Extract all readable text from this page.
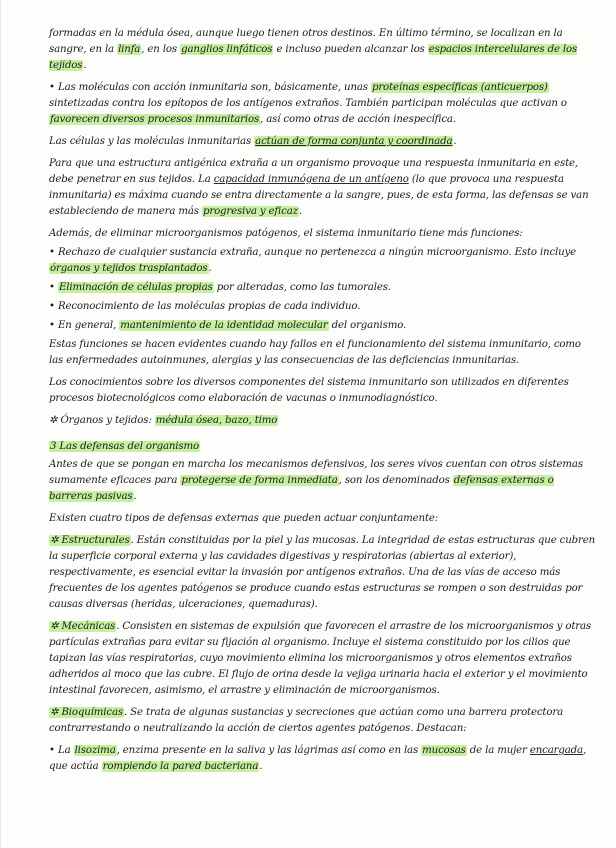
formadas en la médula ósea, aunque luego tienen otros destinos. En último término, se localizan en la sangre, en la linfa, en los ganglios linfáticos e incluso pueden alcanzar los espacios intercelulares de los tejidos.

• Las moléculas con acción inmunitaria son, básicamente, unas proteínas específicas (anticuerpos) sintetizadas contra los epítopos de los antígenos extraños. También participan moléculas que activan o favorecen diversos procesos inmunitarios, así como otras de acción inespecífica.

Las células y las moléculas inmunitarias actúan de forma conjunta y coordinada.

Para que una estructura antigénica extraña a un organismo provoque una respuesta inmunitaria en este, debe penetrar en sus tejidos. La capacidad inmunógena de un antígeno (lo que provoca una respuesta inmunitaria) es máxima cuando se entra directamente a la sangre, pues, de esta forma, las defensas se van estableciendo de manera más progresiva y eficaz.

Además, de eliminar microorganismos patógenos, el sistema inmunitario tiene más funciones:

• Rechazo de cualquier sustancia extraña, aunque no pertenezca a ningún microorganismo. Esto incluye órganos y tejidos trasplantados.

• Eliminación de células propias por alteradas, como las tumorales.

• Reconocimiento de las moléculas propias de cada individuo.

• En general, mantenimiento de la identidad molecular del organismo.

Estas funciones se hacen evidentes cuando hay fallos en el funcionamiento del sistema inmunitario, como las enfermedades autoinmunes, alergias y las consecuencias de las deficiencias inmunitarias.

Los conocimientos sobre los diversos componentes del sistema inmunitario son utilizados en diferentes procesos biotecnológicos como elaboración de vacunas o inmunodiagnóstico.

✲ Órganos y tejidos: médula ósea, bazo, timo

3 Las defensas del organismo

Antes de que se pongan en marcha los mecanismos defensivos, los seres vivos cuentan con otros sistemas sumamente eficaces para protegerse de forma inmediata, son los denominados defensas externas o barreras pasivas.

Existen cuatro tipos de defensas externas que pueden actuar conjuntamente:

✲ Estructurales. Están constituidas por la piel y las mucosas. La integridad de estas estructuras que cubren la superficie corporal externa y las cavidades digestivas y respiratorias (abiertas al exterior), respectivamente, es esencial evitar la invasión por antígenos extraños. Una de las vías de acceso más frecuentes de los agentes patógenos se produce cuando estas estructuras se rompen o son destruidas por causas diversas (heridas, ulceraciones, quemaduras).

✲ Mecánicas. Consisten en sistemas de expulsión que favorecen el arrastre de los microorganismos y otras partículas extrañas para evitar su fijación al organismo. Incluye el sistema constituido por los cilios que tapizan las vías respiratorias, cuyo movimiento elimina los microorganismos y otros elementos extraños adheridos al moco que las cubre. El flujo de orina desde la vejiga urinaria hacia el exterior y el movimiento intestinal favorecen, asimismo, el arrastre y eliminación de microorganismos.

✲ Bioquímicas. Se trata de algunas sustancias y secreciones que actúan como una barrera protectora contrarrestando o neutralizando la acción de ciertos agentes patógenos. Destacan:

• La lisozima, enzima presente en la saliva y las lágrimas así como en las mucosas de la mujer encargada, que actúa rompiendo la pared bacteriana.
